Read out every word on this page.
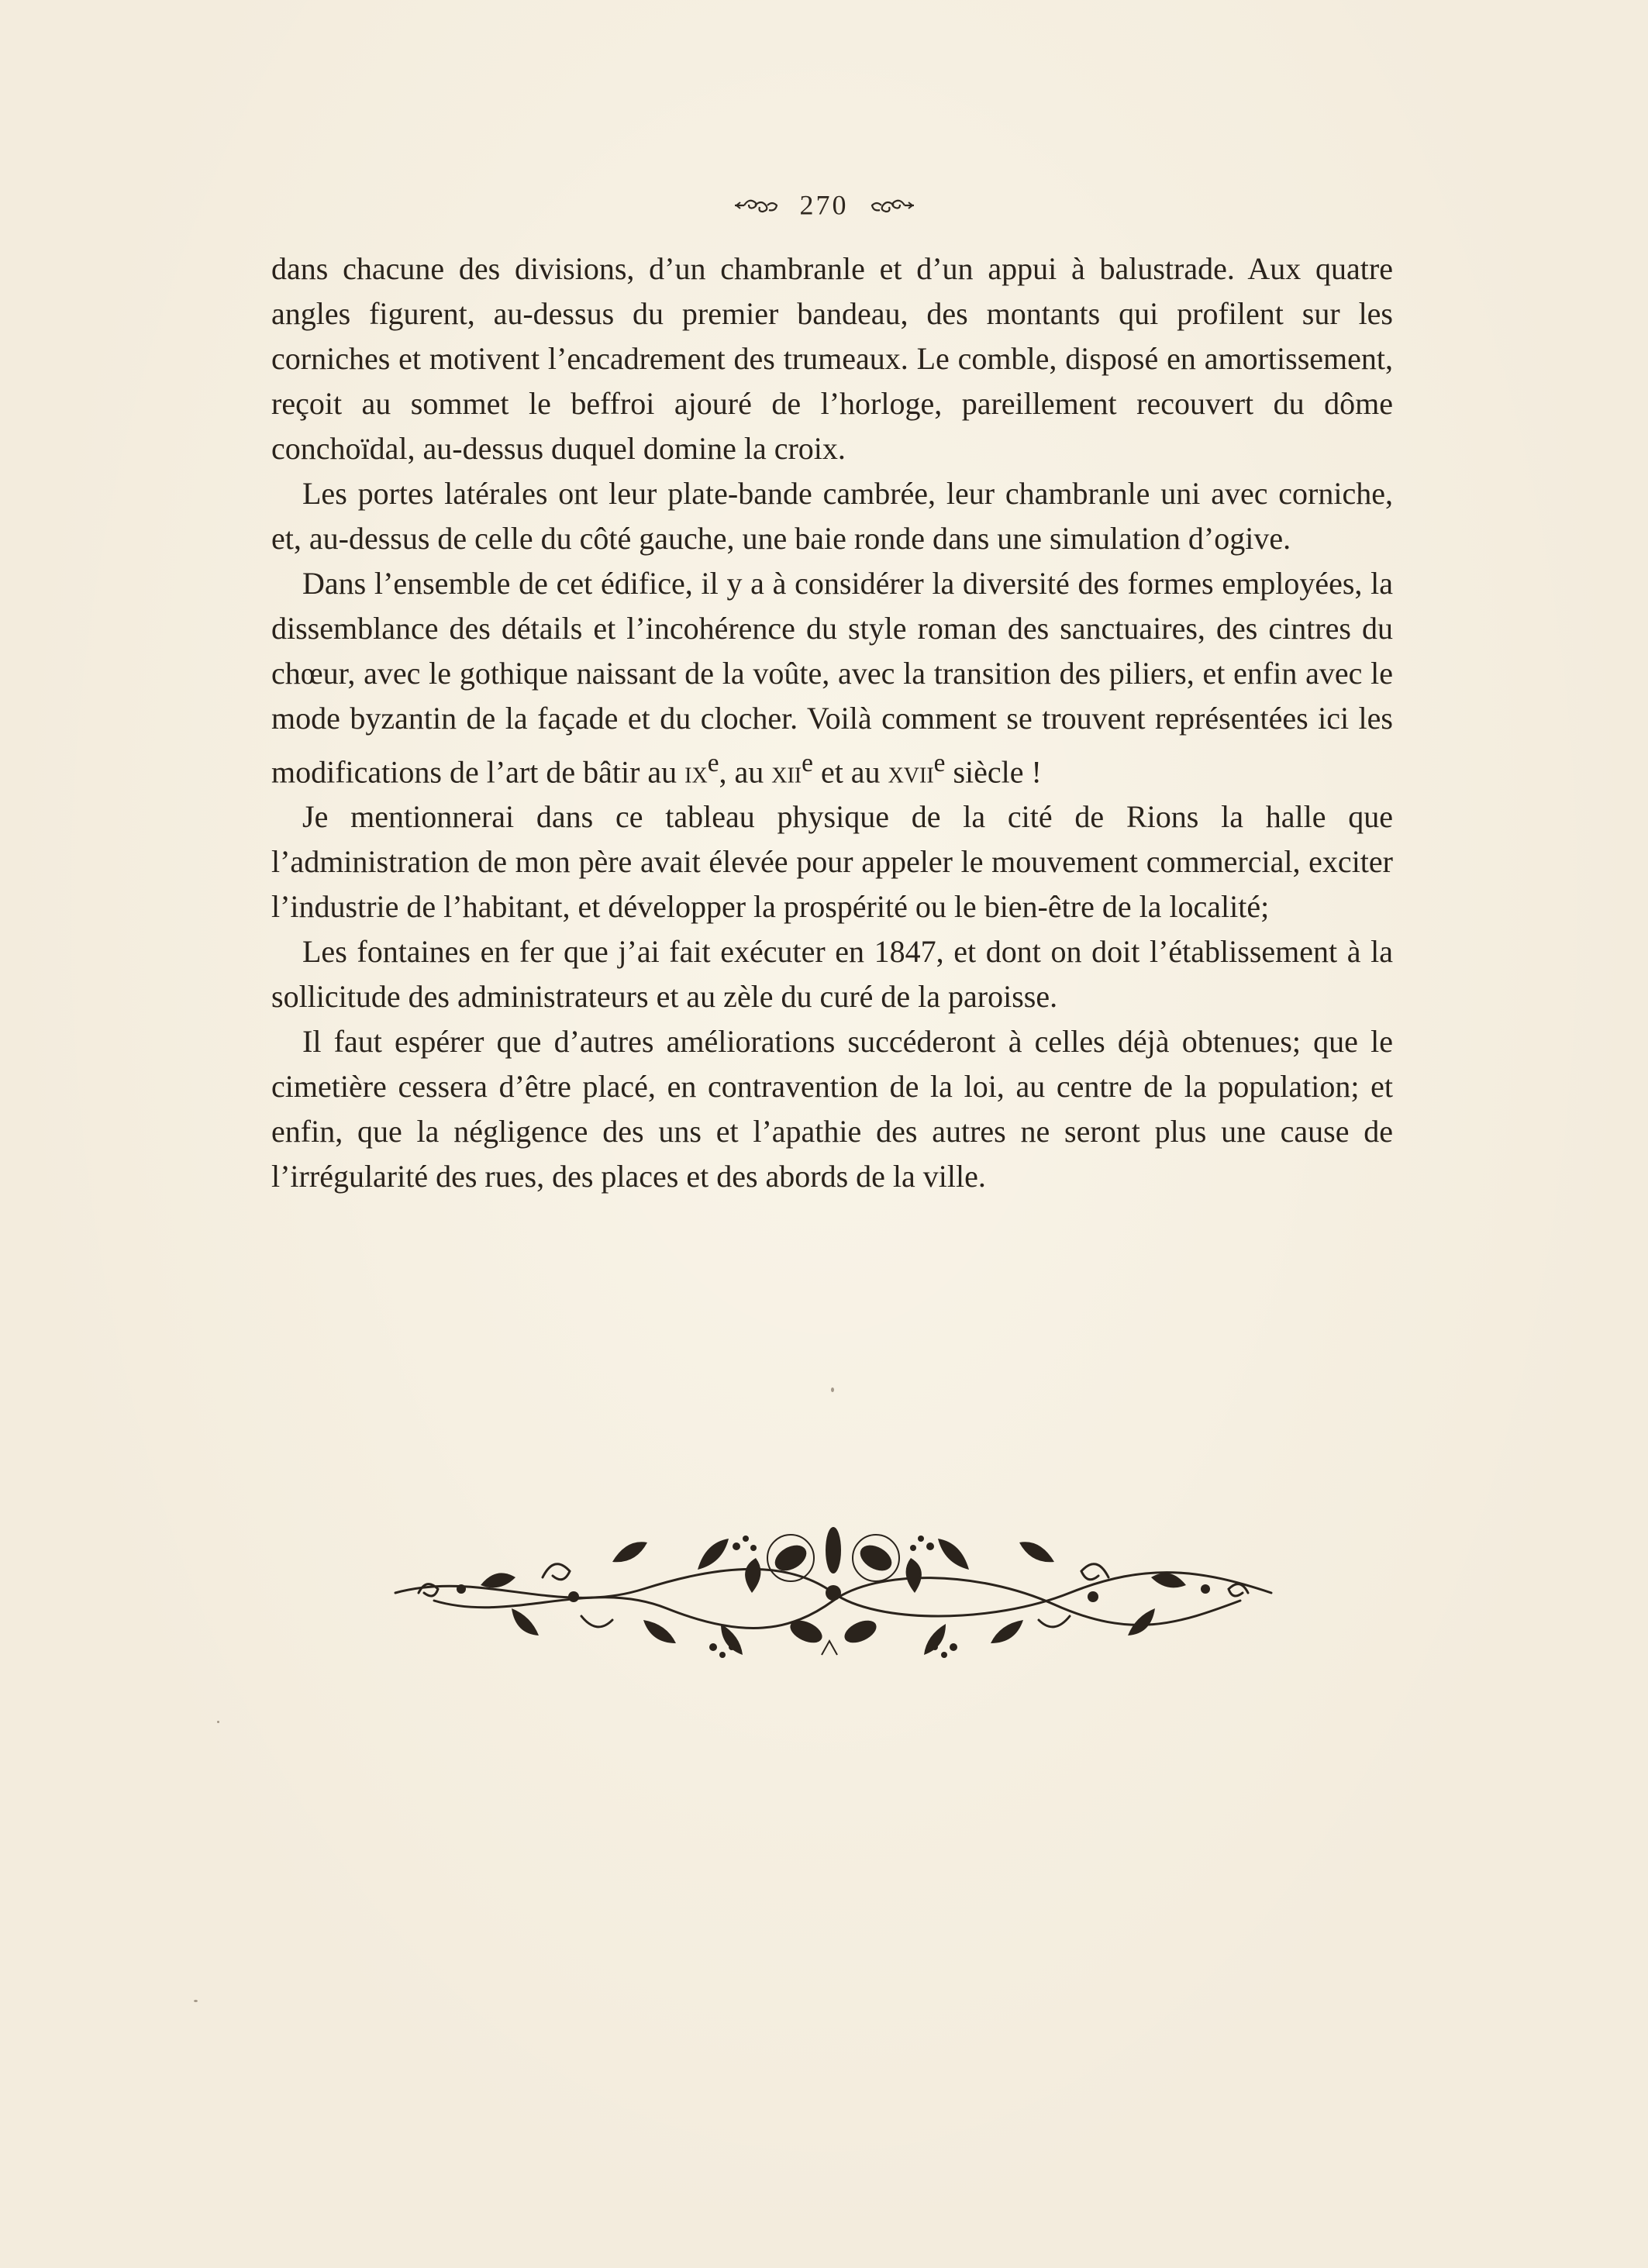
270

dans chacune des divisions, d’un chambranle et d’un appui à balustrade. Aux quatre angles figurent, au-dessus du premier bandeau, des montants qui profilent sur les corniches et motivent l’encadrement des trumeaux. Le comble, disposé en amortissement, reçoit au sommet le beffroi ajouré de l’horloge, pareillement recouvert du dôme conchoïdal, au-dessus duquel domine la croix.

Les portes latérales ont leur plate-bande cambrée, leur chambranle uni avec corniche, et, au-dessus de celle du côté gauche, une baie ronde dans une simulation d’ogive.

Dans l’ensemble de cet édifice, il y a à considérer la diversité des formes employées, la dissemblance des détails et l’incohérence du style roman des sanctuaires, des cintres du chœur, avec le gothique naissant de la voûte, avec la transition des piliers, et enfin avec le mode byzantin de la façade et du clocher. Voilà comment se trouvent représentées ici les modifications de l’art de bâtir au $ix^e$, au xii$^e$ et au xvii$^e$ siècle !

Je mentionnerai dans ce tableau physique de la cité de Rions la halle que l’administration de mon père avait élevée pour appeler le mouvement commercial, exciter l’industrie de l’habitant, et développer la prospérité ou le bien-être de la localité;

Les fontaines en fer que j’ai fait exécuter en 1847, et dont on doit l’établissement à la sollicitude des administrateurs et au zèle du curé de la paroisse.

Il faut espérer que d’autres améliorations succéderont à celles déjà obtenues; que le cimetière cessera d’être placé, en contravention de la loi, au centre de la population; et enfin, que la négligence des uns et l’apathie des autres ne seront plus une cause de l’irrégularité des rues, des places et des abords de la ville.
